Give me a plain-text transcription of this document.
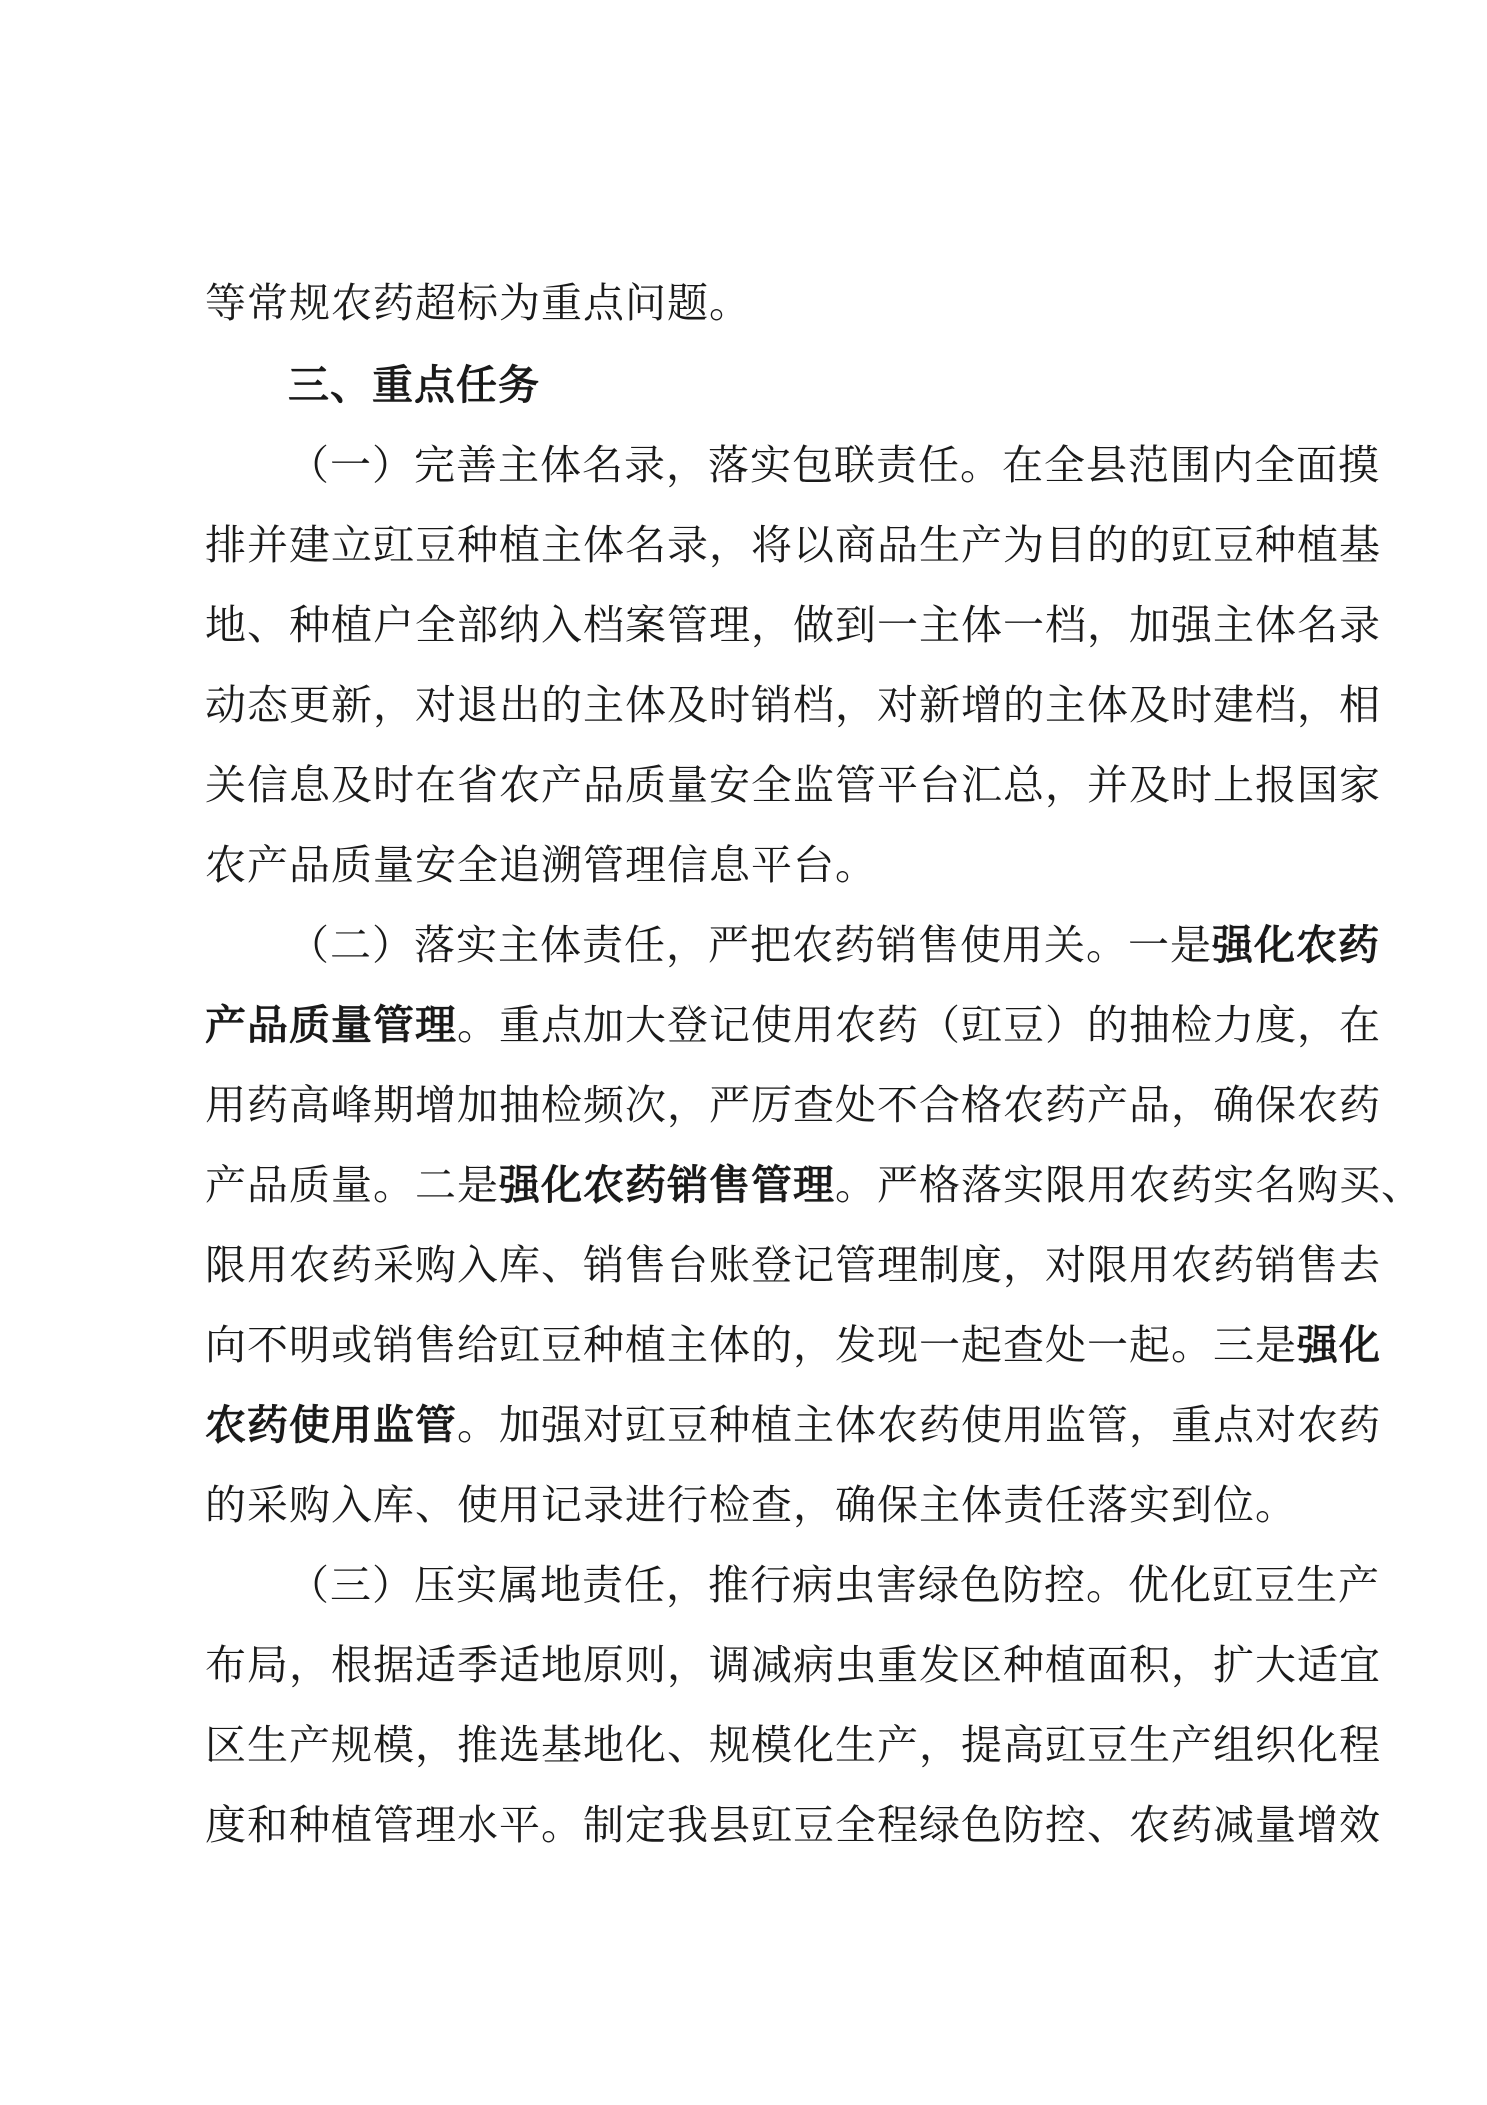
等常规农药超标为重点问题。
三、重点任务
（一）完善主体名录，落实包联责任。在全县范围内全面摸
排并建立豇豆种植主体名录，将以商品生产为目的的豇豆种植基
地、种植户全部纳入档案管理，做到一主体一档，加强主体名录
动态更新，对退出的主体及时销档，对新增的主体及时建档，相
关信息及时在省农产品质量安全监管平台汇总，并及时上报国家
农产品质量安全追溯管理信息平台。
（二）落实主体责任，严把农药销售使用关。一是强化农药
产品质量管理。重点加大登记使用农药（豇豆）的抽检力度，在
用药高峰期增加抽检频次，严厉查处不合格农药产品，确保农药
产品质量。二是强化农药销售管理。严格落实限用农药实名购买、
限用农药采购入库、销售台账登记管理制度，对限用农药销售去
向不明或销售给豇豆种植主体的，发现一起查处一起。三是强化
农药使用监管。加强对豇豆种植主体农药使用监管，重点对农药
的采购入库、使用记录进行检查，确保主体责任落实到位。
（三）压实属地责任，推行病虫害绿色防控。优化豇豆生产
布局，根据适季适地原则，调减病虫重发区种植面积，扩大适宜
区生产规模，推选基地化、规模化生产，提高豇豆生产组织化程
度和种植管理水平。制定我县豇豆全程绿色防控、农药减量增效
